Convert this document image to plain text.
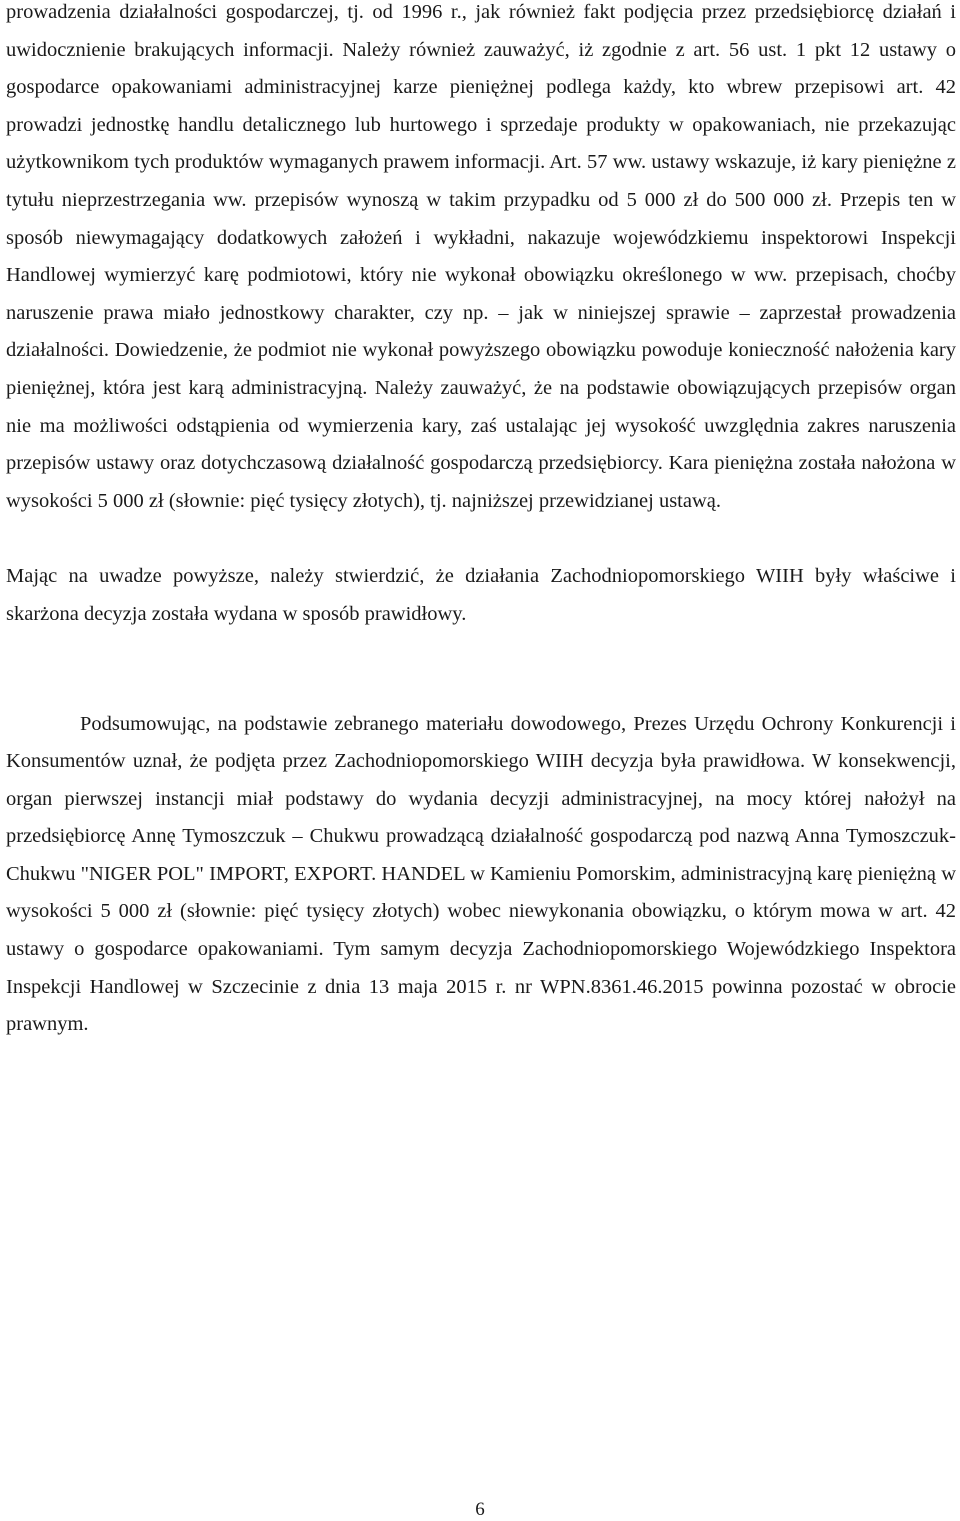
prowadzenia działalności gospodarczej, tj. od 1996 r., jak również fakt podjęcia przez przedsiębiorcę działań i uwidocznienie brakujących informacji. Należy również zauważyć, iż zgodnie z art. 56 ust. 1 pkt 12 ustawy o gospodarce opakowaniami administracyjnej karze pieniężnej podlega każdy, kto wbrew przepisowi art. 42 prowadzi jednostkę handlu detalicznego lub hurtowego i sprzedaje produkty w opakowaniach, nie przekazując użytkownikom tych produktów wymaganych prawem informacji. Art. 57 ww. ustawy wskazuje, iż kary pieniężne z tytułu nieprzestrzegania ww. przepisów wynoszą w takim przypadku od 5 000 zł do 500 000 zł. Przepis ten w sposób niewymagający dodatkowych założeń i wykładni, nakazuje wojewódzkiemu inspektorowi Inspekcji Handlowej wymierzyć karę podmiotowi, który nie wykonał obowiązku określonego w ww. przepisach, choćby naruszenie prawa miało jednostkowy charakter, czy np. – jak w niniejszej sprawie – zaprzestał prowadzenia działalności. Dowiedzenie, że podmiot nie wykonał powyższego obowiązku powoduje konieczność nałożenia kary pieniężnej, która jest karą administracyjną. Należy zauważyć, że na podstawie obowiązujących przepisów organ nie ma możliwości odstąpienia od wymierzenia kary, zaś ustalając jej wysokość uwzględnia zakres naruszenia przepisów ustawy oraz dotychczasową działalność gospodarczą przedsiębiorcy. Kara pieniężna została nałożona w wysokości 5 000 zł (słownie: pięć tysięcy złotych), tj. najniższej przewidzianej ustawą.

Mając na uwadze powyższe, należy stwierdzić, że działania Zachodniopomorskiego WIIH były właściwe i skarżona decyzja została wydana w sposób prawidłowy.

Podsumowując, na podstawie zebranego materiału dowodowego, Prezes Urzędu Ochrony Konkurencji i Konsumentów uznał, że podjęta przez Zachodniopomorskiego WIIH decyzja była prawidłowa. W konsekwencji, organ pierwszej instancji miał podstawy do wydania decyzji administracyjnej, na mocy której nałożył na przedsiębiorcę Annę Tymoszczuk – Chukwu prowadzącą działalność gospodarczą pod nazwą Anna Tymoszczuk-Chukwu "NIGER POL" IMPORT, EXPORT. HANDEL w Kamieniu Pomorskim, administracyjną karę pieniężną w wysokości 5 000 zł (słownie: pięć tysięcy złotych) wobec niewykonania obowiązku, o którym mowa w art. 42 ustawy o gospodarce opakowaniami. Tym samym decyzja Zachodniopomorskiego Wojewódzkiego Inspektora Inspekcji Handlowej w Szczecinie z dnia 13 maja 2015 r. nr WPN.8361.46.2015 powinna pozostać w obrocie prawnym.

6
